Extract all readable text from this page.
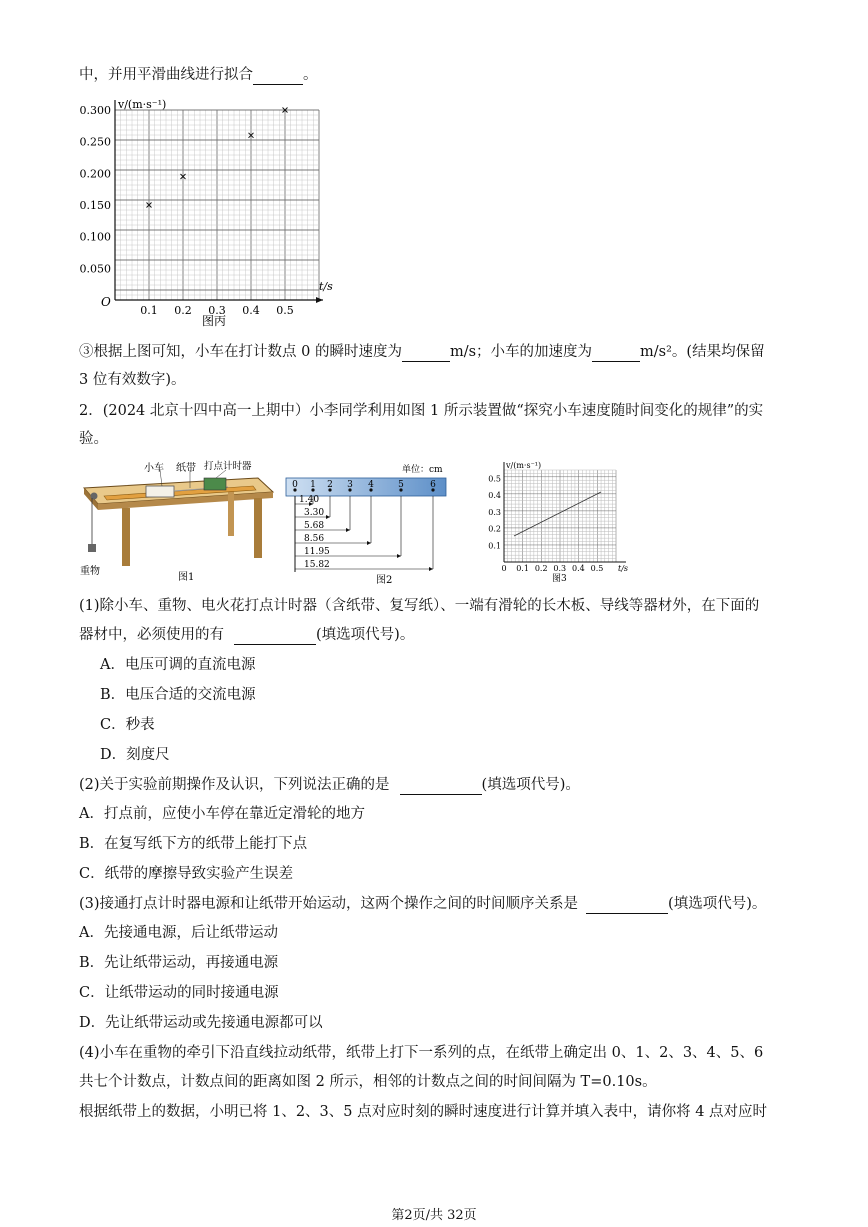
中，并用平滑曲线进行拟合	。
v/(m·s⁻¹)
t/s
O
0.300
0.250
0.200
0.150
0.100
0.050
0.1 0.2 0.3 0.4 0.5
图丙
③根据上图可知，小车在打计数点 0 的瞬时速度为	m/s；小车的加速度为	m/s²。(结果均保留
3 位有效数字)。
2．(2024 北京十四中高一上期中）小李同学利用如图 1 所示装置做“探究小车速度随时间变化的规律”的实
验。
小车 纸带 打点计时器
重物
图1
单位：cm
0 1 2 3 4	5	6
1.40
3.30
5.68
8.56
11.95
15.82
图2
v/(m·s⁻¹)
t/s
0.5
0.4
0.3
0.2
0.1
0 0.1 0.2 0.3 0.4 0.5
图3
(1)除小车、重物、电火花打点计时器（含纸带、复写纸）、一端有滑轮的长木板、导线等器材外，在下面的
器材中，必须使用的有	(填选项代号)。
A．电压可调的直流电源
B．电压合适的交流电源
C．秒表
D．刻度尺
(2)关于实验前期操作及认识，下列说法正确的是	(填选项代号)。
A．打点前，应使小车停在靠近定滑轮的地方
B．在复写纸下方的纸带上能打下点
C．纸带的摩擦导致实验产生误差
(3)接通打点计时器电源和让纸带开始运动，这两个操作之间的时间顺序关系是	(填选项代号)。
A．先接通电源，后让纸带运动
B．先让纸带运动，再接通电源
C．让纸带运动的同时接通电源
D．先让纸带运动或先接通电源都可以
(4)小车在重物的牵引下沿直线拉动纸带，纸带上打下一系列的点，在纸带上确定出 0、1、2、3、4、5、6
共七个计数点，计数点间的距离如图 2 所示，相邻的计数点之间的时间间隔为 T=0.10s。
根据纸带上的数据，小明已将 1、2、3、5 点对应时刻的瞬时速度进行计算并填入表中，请你将 4 点对应时
第2页/共 32页
